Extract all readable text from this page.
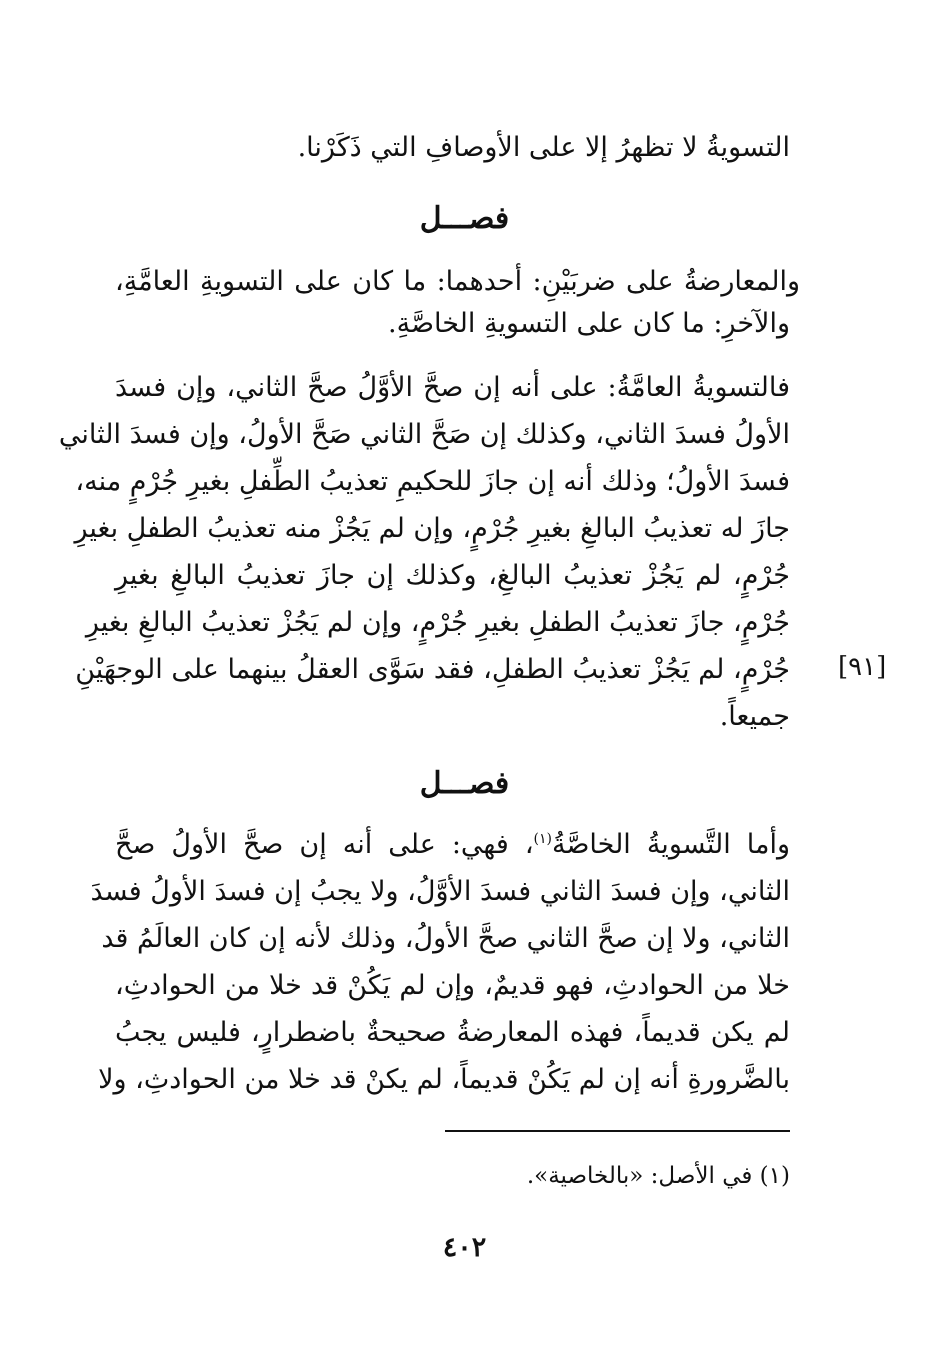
التسويةُ لا تظهرُ إلا على الأوصافِ التي ذَكَرْنا.
فصـــل
والمعارضةُ على ضربَيْنِ: أحدهما: ما كان على التسويةِ العامَّةِ،
والآخرِ: ما كان على التسويةِ الخاصَّةِ.
فالتسويةُ العامَّةُ: على أنه إن صحَّ الأوَّلُ صحَّ الثاني، وإن فسدَ
الأولُ فسدَ الثاني، وكذلك إن صَحَّ الثاني صَحَّ الأولُ، وإن فسدَ الثاني
فسدَ الأولُ؛ وذلك أنه إن جازَ للحكيمِ تعذيبُ الطِّفلِ بغيرِ جُرْمٍ منه،
جازَ له تعذيبُ البالغِ بغيرِ جُرْمٍ، وإن لم يَجُزْ منه تعذيبُ الطفلِ بغيرِ
جُرْمٍ، لم يَجُزْ تعذيبُ البالغِ، وكذلك إن جازَ تعذيبُ البالغِ بغيرِ
جُرْمٍ، جازَ تعذيبُ الطفلِ بغيرِ جُرْمٍ، وإن لم يَجُزْ تعذيبُ البالغِ بغيرِ
جُرْمٍ، لم يَجُزْ تعذيبُ الطفلِ، فقد سَوَّى العقلُ بينهما على الوجهَيْنِ
جميعاً.
[٩١]
فصـــل
وأما التَّسويةُ الخاصَّةُ$^{(١)}$، فهي: على أنه إن صحَّ الأولُ صحَّ
الثاني، وإن فسدَ الثاني فسدَ الأوَّلُ، ولا يجبُ إن فسدَ الأولُ فسدَ
الثاني، ولا إن صحَّ الثاني صحَّ الأولُ، وذلك لأنه إن كان العالَمُ قد
خلا من الحوادثِ، فهو قديمٌ، وإن لم يَكُنْ قد خلا من الحوادثِ،
لم يكن قديماً، فهذه المعارضةُ صحيحةٌ باضطرارٍ، فليس يجبُ
بالضَّرورةِ أنه إن لم يَكُنْ قديماً، لم يكنْ قد خلا من الحوادثِ، ولا
(١) في الأصل: «بالخاصية».
٤٠٢
